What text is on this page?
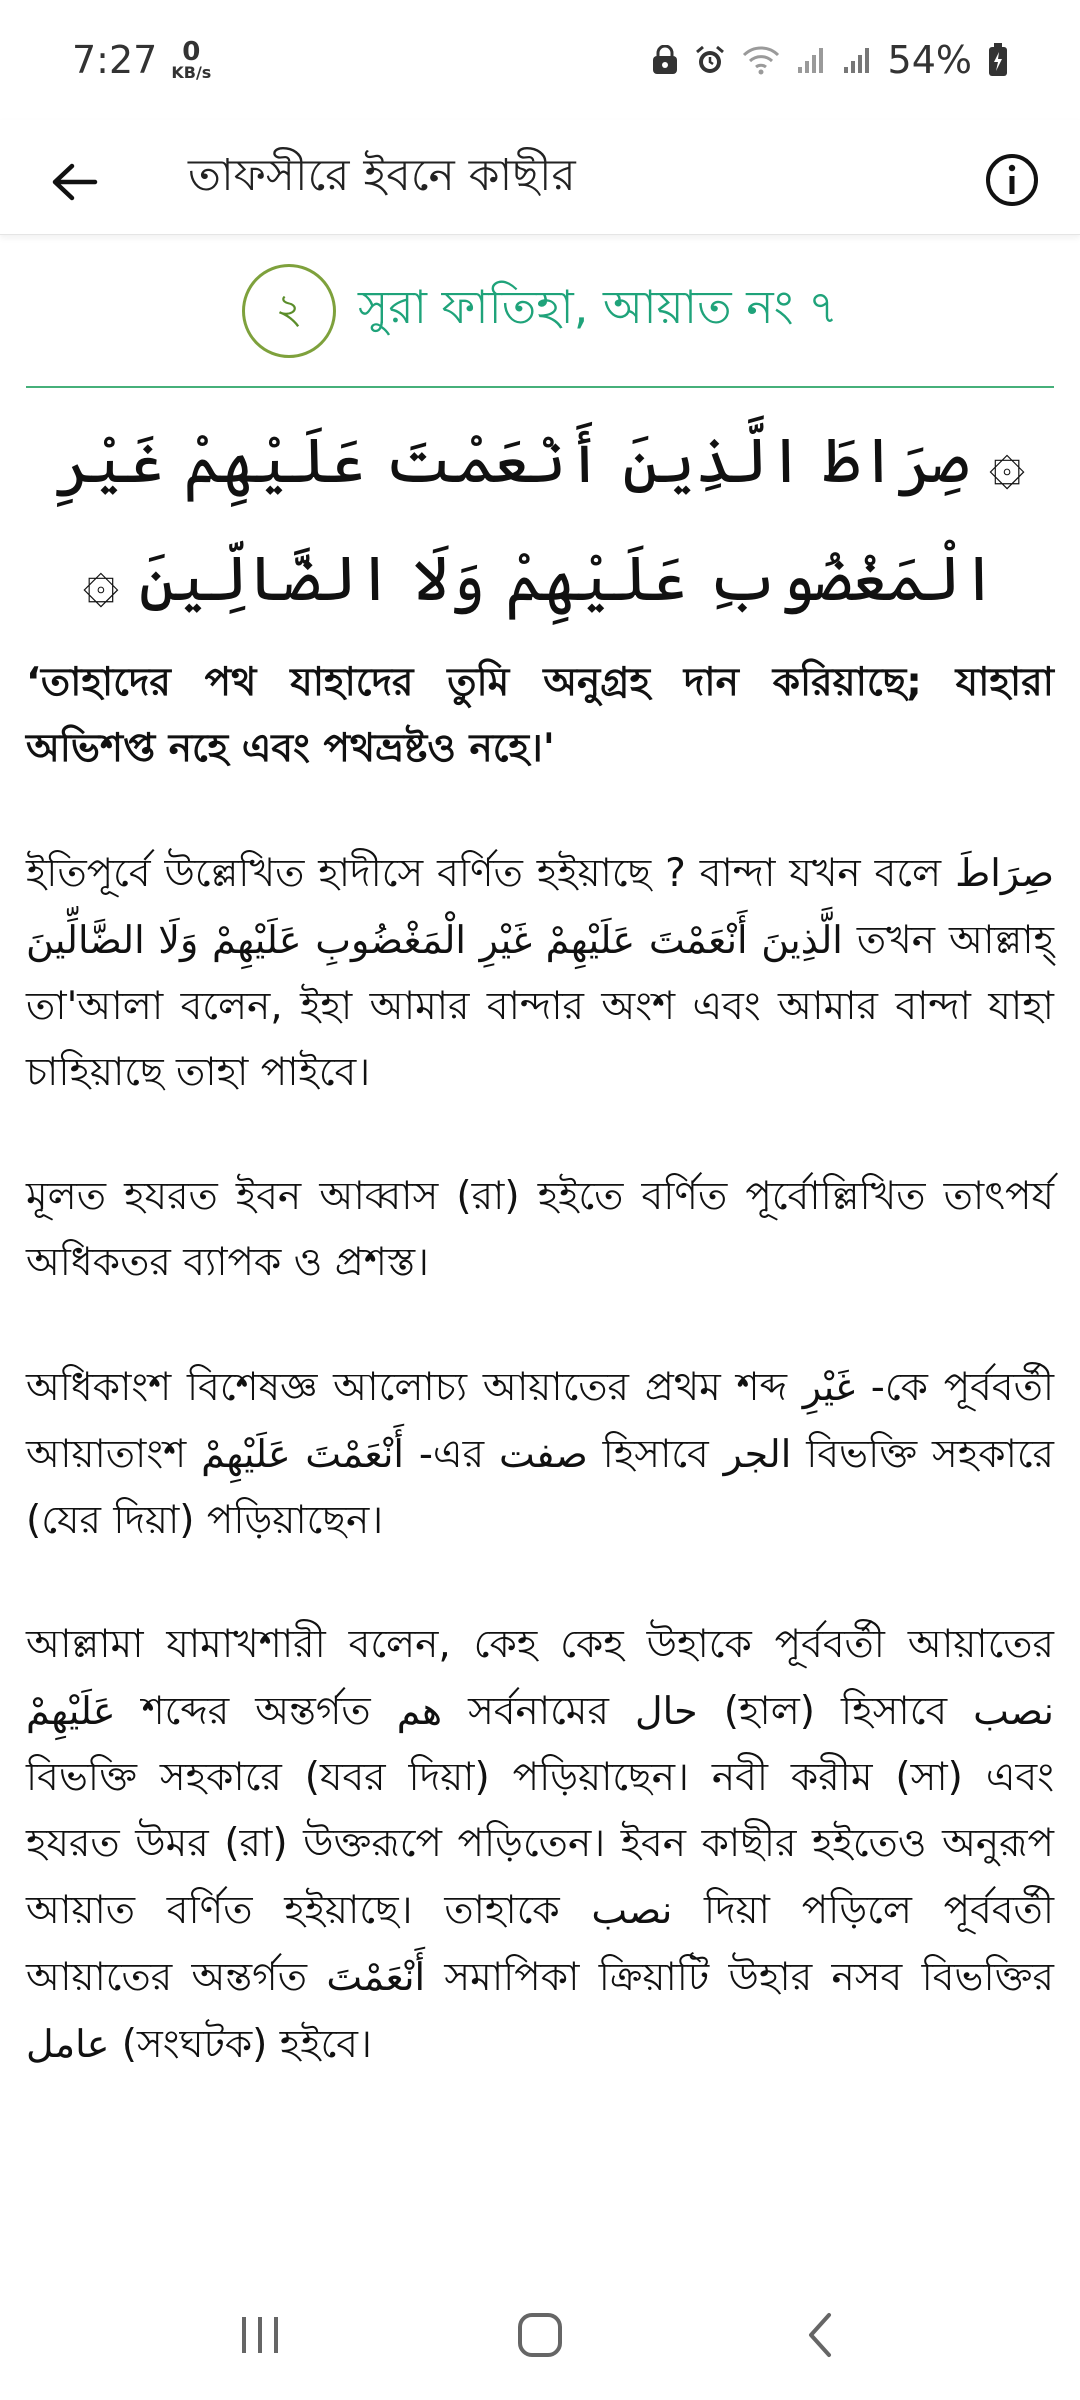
7:27 0
KB/s	54%
তাফসীরে ইবনে কাছীর
২	সুরা ফাতিহা, আয়াত নং ৭
۞ صِرَاطَ الَّذِينَ أَنْعَمْتَ عَلَيْهِمْ غَيْرِ الْمَغْضُوبِ عَلَيْهِمْ وَلَا الضَّالِّينَ ۞

‘তাহাদের পথ যাহাদের তুমি অনুগ্রহ দান করিয়াছে; যাহারা অভিশপ্ত নহে এবং পথভ্রষ্টও নহে।'

ইতিপূর্বে উল্লেখিত হাদীসে বর্ণিত হইয়াছে ? বান্দা যখন বলে صِرَاطَ الَّذِينَ أَنْعَمْتَ عَلَيْهِمْ غَيْرِ الْمَغْضُوبِ عَلَيْهِمْ وَلَا الضَّالِّينَ তখন আল্লাহ্ তা'আলা বলেন, ইহা আমার বান্দার অংশ এবং আমার বান্দা যাহা চাহিয়াছে তাহা পাইবে।

মূলত হযরত ইবন আব্বাস (রা) হইতে বর্ণিত পূর্বোল্লিখিত তাৎপর্য অধিকতর ব্যাপক ও প্রশস্ত।

অধিকাংশ বিশেষজ্ঞ আলোচ্য আয়াতের প্রথম শব্দ غَيْرِ -কে পূর্ববর্তী আয়াতাংশ أَنْعَمْتَ عَلَيْهِمْ -এর صفت হিসাবে الجر বিভক্তি সহকারে (যের দিয়া) পড়িয়াছেন।

আল্লামা যামাখশারী বলেন, কেহ কেহ উহাকে পূর্ববর্তী আয়াতের عَلَيْهِمْ শব্দের অন্তর্গত هم সর্বনামের حال (হাল) হিসাবে نصب বিভক্তি সহকারে (যবর দিয়া) পড়িয়াছেন। নবী করীম (সা) এবং হযরত উমর (রা) উক্তরূপে পড়িতেন। ইবন কাছীর হইতেও অনুরূপ আয়াত বর্ণিত হইয়াছে। তাহাকে نصب দিয়া পড়িলে পূর্ববর্তী আয়াতের অন্তর্গত أَنْعَمْتَ সমাপিকা ক্রিয়াটি উহার নসব বিভক্তির عامل (সংঘটক) হইবে।
